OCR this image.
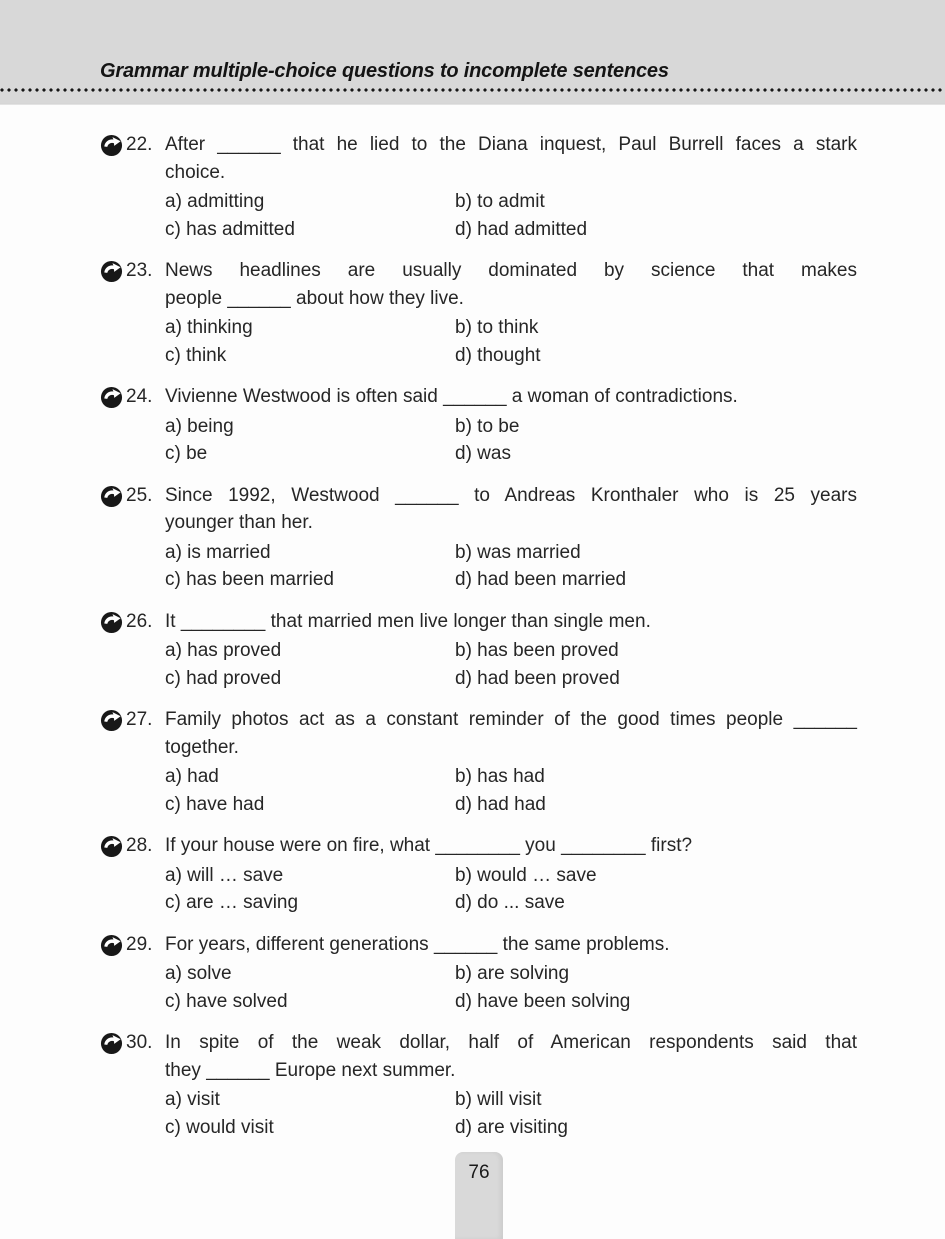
Grammar multiple-choice questions to incomplete sentences
22. After ______ that he lied to the Diana inquest, Paul Burrell faces a stark
choice.
a) admitting	b) to admit
c) has admitted	d) had admitted
23. News headlines are usually dominated by science that makes
people ______ about how they live.
a) thinking	b) to think
c) think	d) thought
24. Vivienne Westwood is often said ______ a woman of contradictions.
a) being	b) to be
c) be	d) was
25. Since 1992, Westwood ______ to Andreas Kronthaler who is 25 years
younger than her.
a) is married	b) was married
c) has been married	d) had been married
26. It ________ that married men live longer than single men.
a) has proved	b) has been proved
c) had proved	d) had been proved
27. Family photos act as a constant reminder of the good times people ______
together.
a) had	b) has had
c) have had	d) had had
28. If your house were on fire, what ________ you ________ first?
a) will … save	b) would … save
c) are … saving	d) do ... save
29. For years, different generations ______ the same problems.
a) solve	b) are solving
c) have solved	d) have been solving
30. In spite of the weak dollar, half of American respondents said that
they ______ Europe next summer.
a) visit	b) will visit
c) would visit	d) are visiting
76
